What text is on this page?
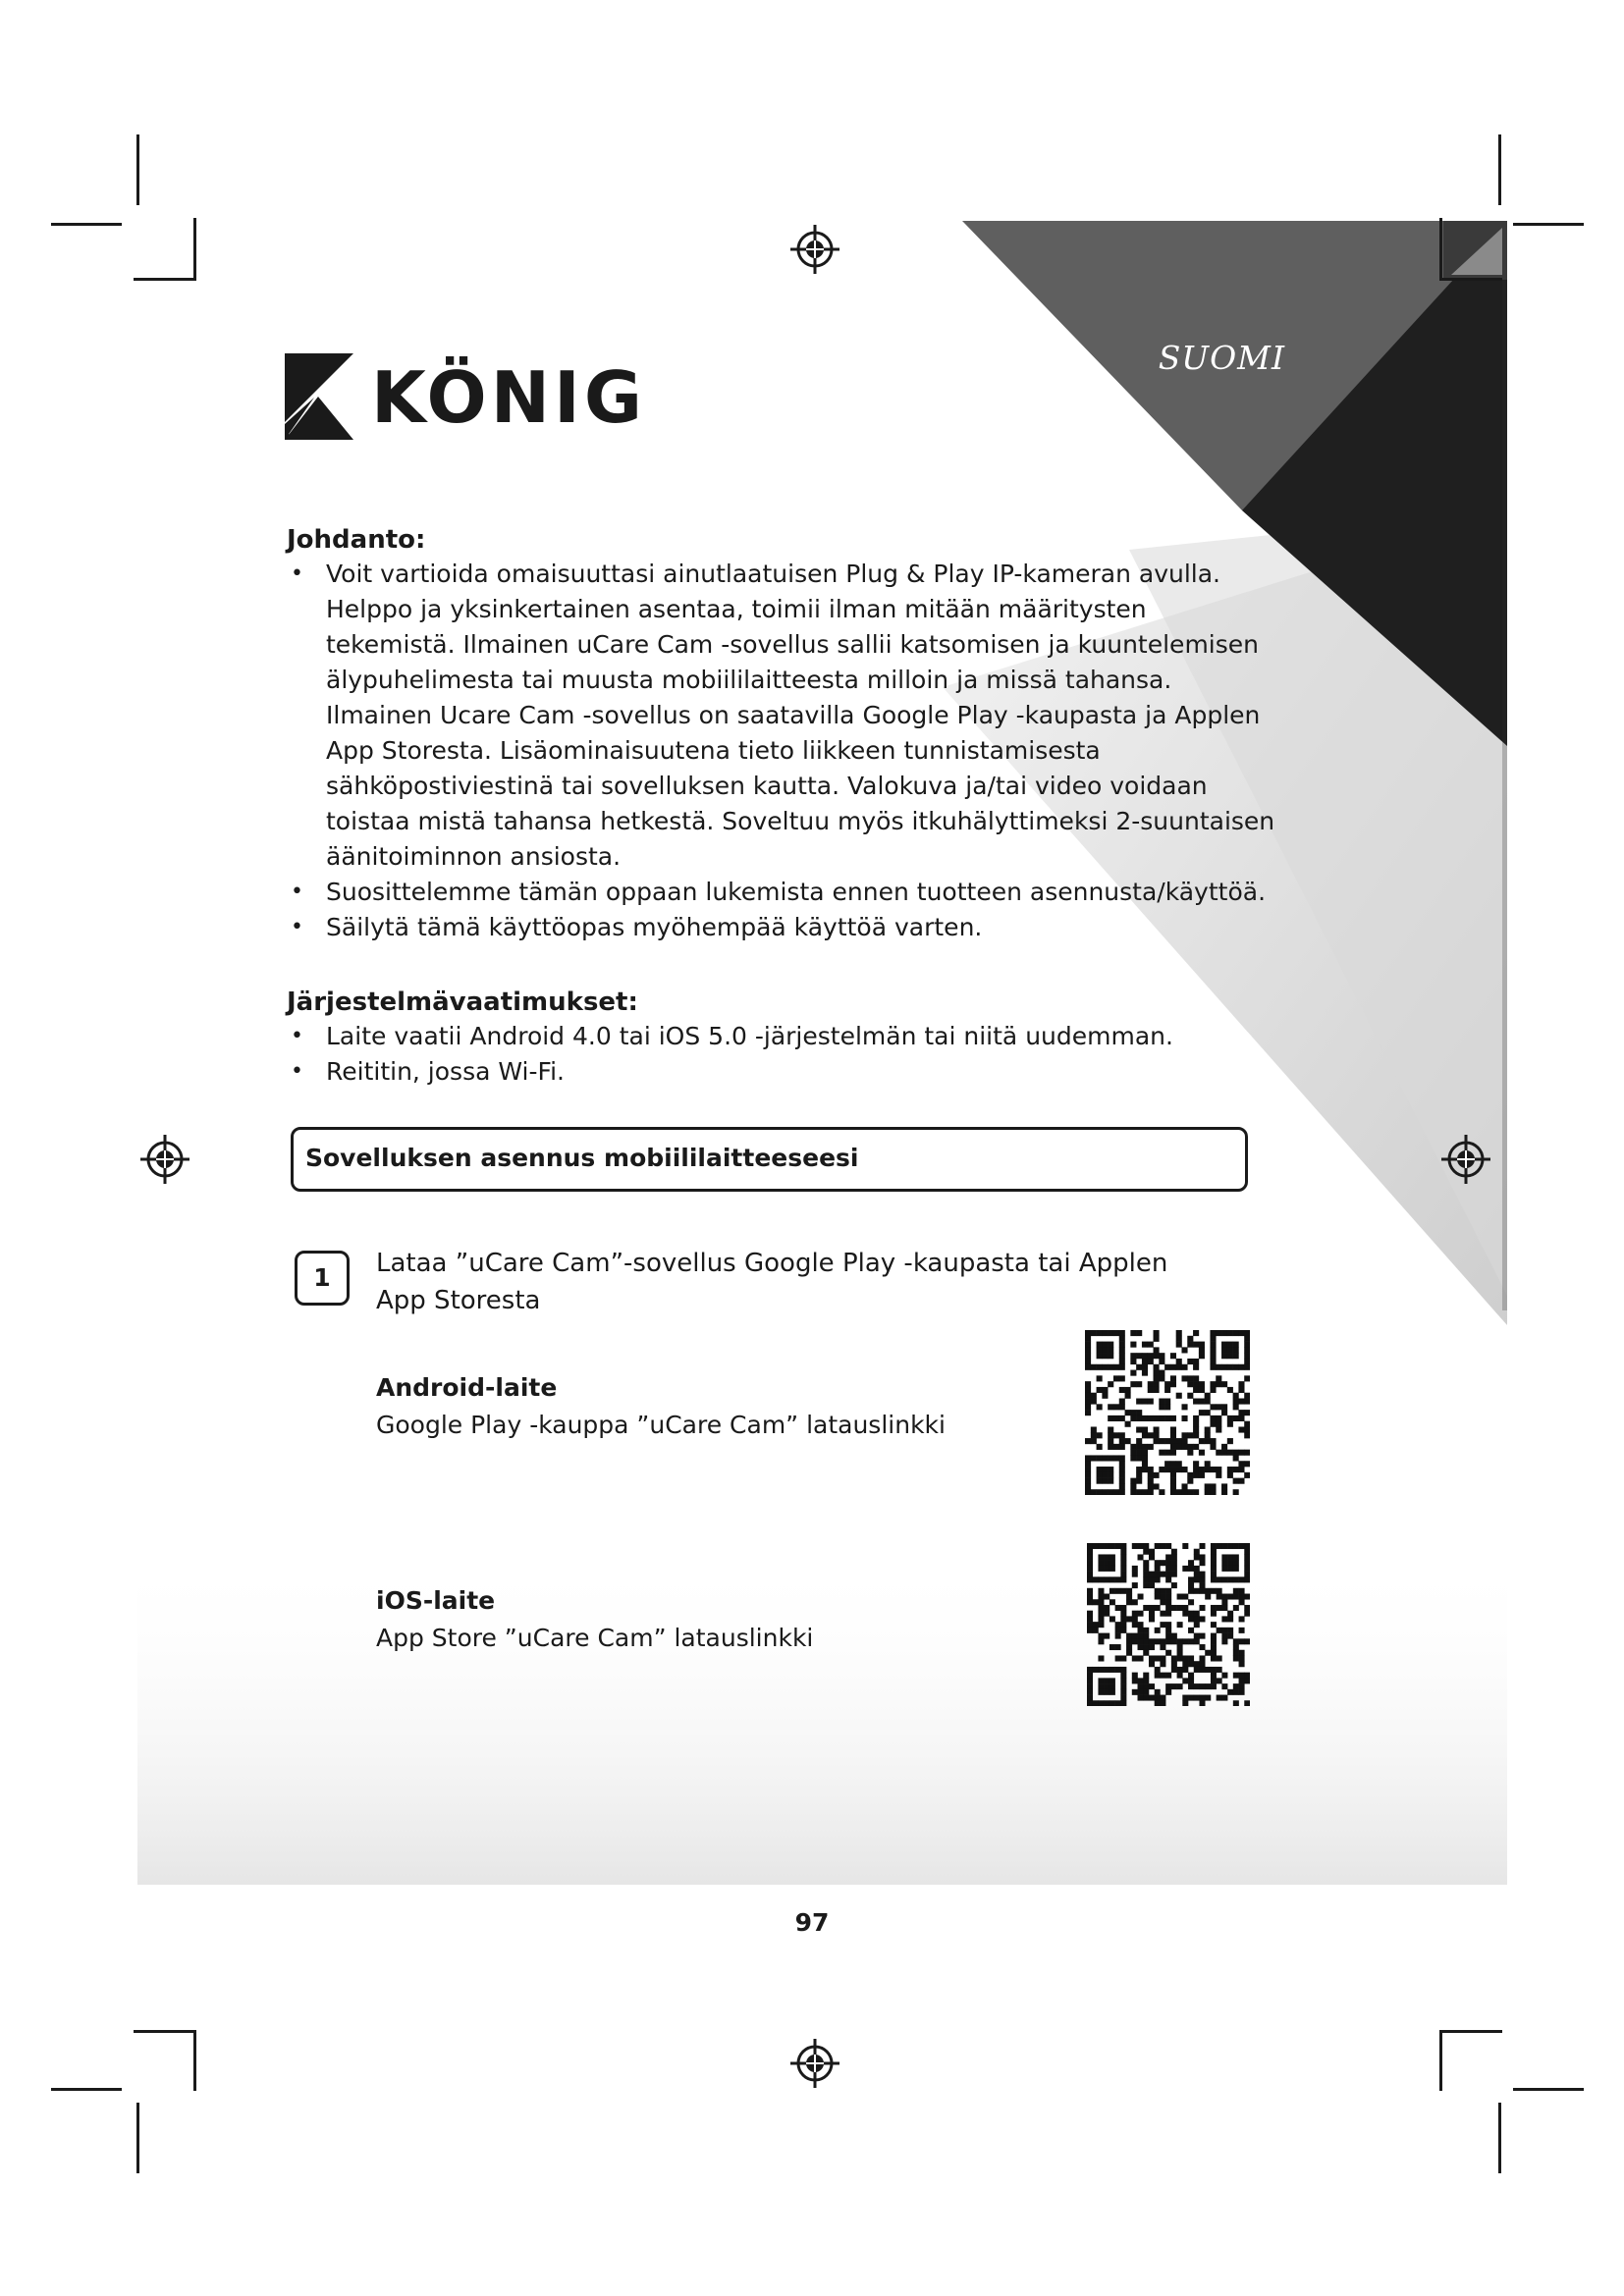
KÖNIG	SUOMI
Johdanto:
• Voit vartioida omaisuuttasi ainutlaatuisen Plug & Play IP-kameran avulla. Helppo ja yksinkertainen asentaa, toimii ilman mitään määritysten tekemistä. Ilmainen uCare Cam -sovellus sallii katsomisen ja kuuntelemisen älypuhelimesta tai muusta mobiililaitteesta milloin ja missä tahansa. Ilmainen Ucare Cam -sovellus on saatavilla Google Play -kaupasta ja Applen App Storesta. Lisäominaisuutena tieto liikkeen tunnistamisesta sähköpostiviestinä tai sovelluksen kautta. Valokuva ja/tai video voidaan toistaa mistä tahansa hetkestä. Soveltuu myös itkuhälyttimeksi 2-suuntaisen äänitoiminnon ansiosta.
• Suosittelemme tämän oppaan lukemista ennen tuotteen asennusta/käyttöä.
• Säilytä tämä käyttöopas myöhempää käyttöä varten.
Järjestelmävaatimukset:
• Laite vaatii Android 4.0 tai iOS 5.0 -järjestelmän tai niitä uudemman.
• Reititin, jossa Wi-Fi.
Sovelluksen asennus mobiililaitteeseesi
1	Lataa ”uCare Cam”-sovellus Google Play -kaupasta tai Applen App Storesta
Android-laite
Google Play -kauppa ”uCare Cam” latauslinkki
iOS-laite
App Store ”uCare Cam” latauslinkki
97
